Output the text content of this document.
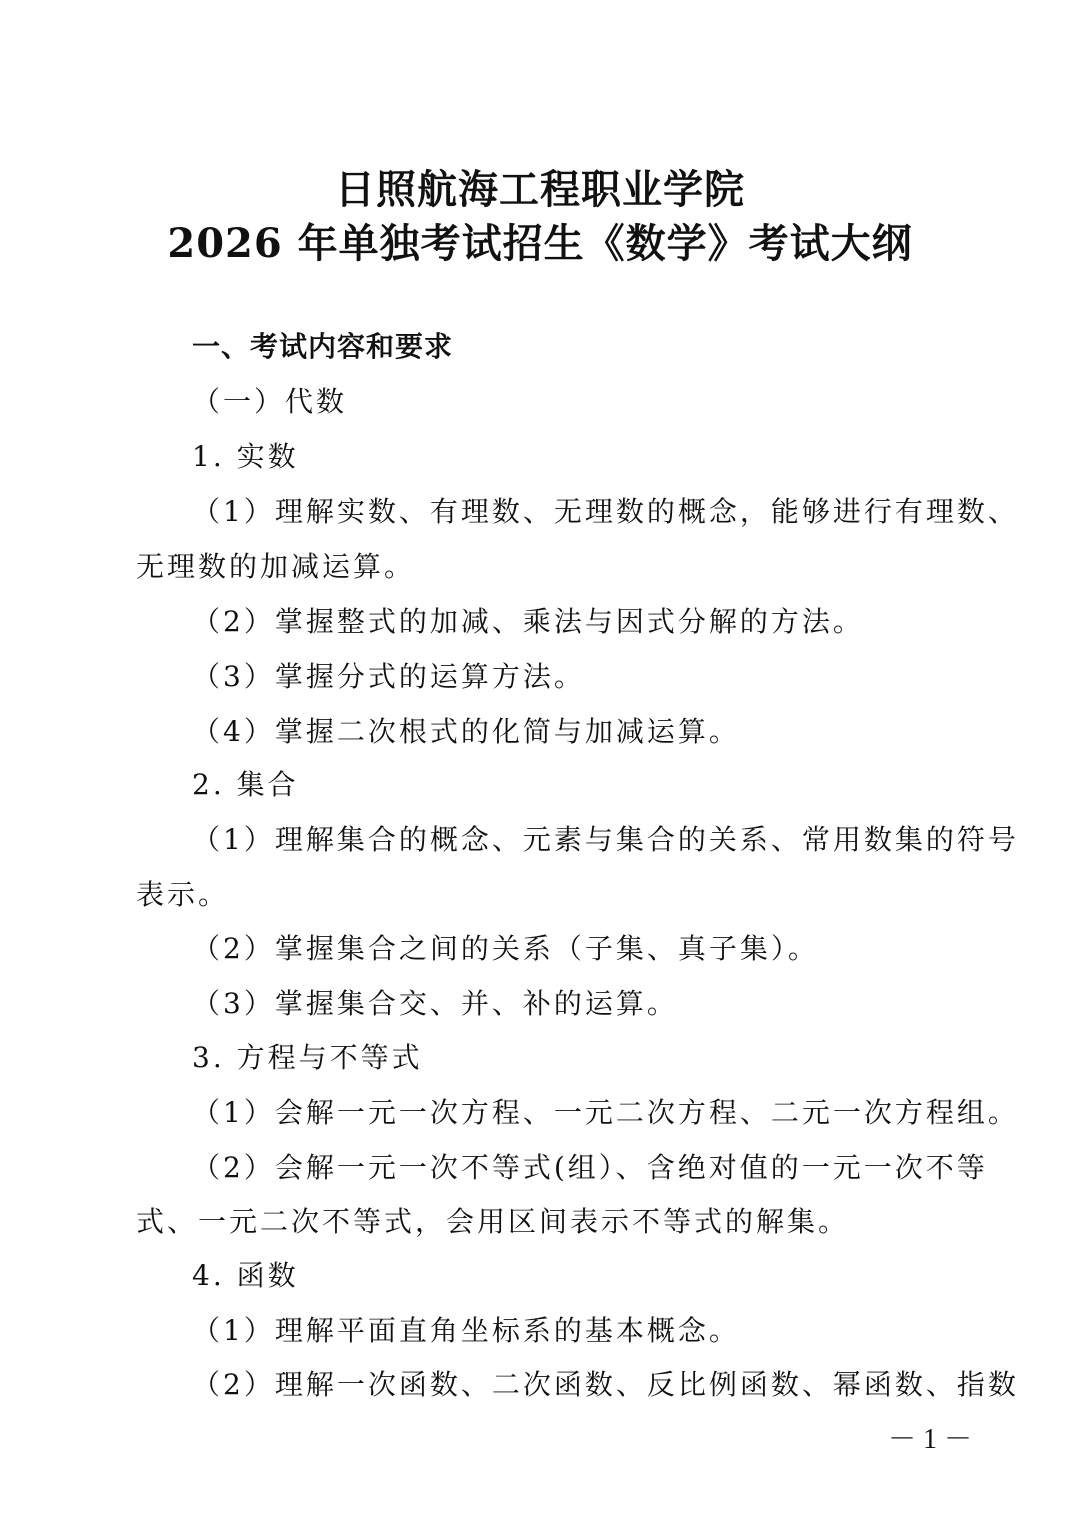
日照航海工程职业学院
2026 年单独考试招生《数学》考试大纲
一、考试内容和要求
（一）代数
1. 实数
（1）理解实数、有理数、无理数的概念，能够进行有理数、
无理数的加减运算。
（2）掌握整式的加减、乘法与因式分解的方法。
（3）掌握分式的运算方法。
（4）掌握二次根式的化简与加减运算。
2. 集合
（1）理解集合的概念、元素与集合的关系、常用数集的符号
表示。
（2）掌握集合之间的关系（子集、真子集）。
（3）掌握集合交、并、补的运算。
3. 方程与不等式
（1）会解一元一次方程、一元二次方程、二元一次方程组。
（2）会解一元一次不等式(组）、含绝对值的一元一次不等
式、一元二次不等式，会用区间表示不等式的解集。
4. 函数
（1）理解平面直角坐标系的基本概念。
（2）理解一次函数、二次函数、反比例函数、幂函数、指数
－ 1 －
